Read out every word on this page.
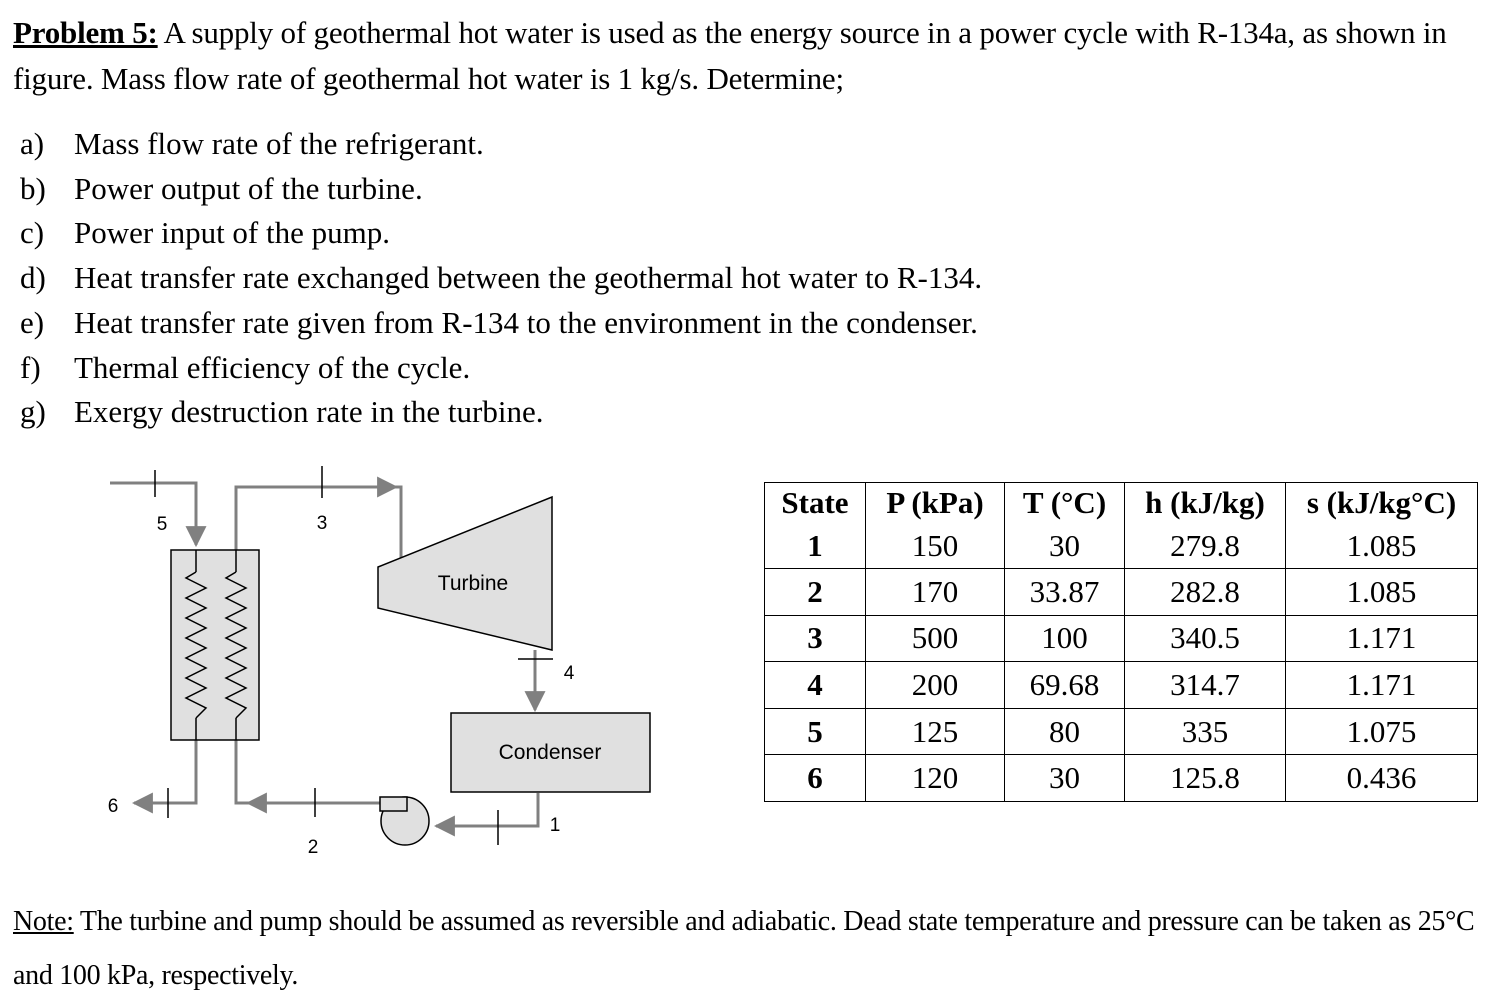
Problem 5: A supply of geothermal hot water is used as the energy source in a power cycle with R-134a, as shown in figure. Mass flow rate of geothermal hot water is 1 kg/s. Determine;
a) Mass flow rate of the refrigerant.
b) Power output of the turbine.
c) Power input of the pump.
d) Heat transfer rate exchanged between the geothermal hot water to R-134.
e) Heat transfer rate given from R-134 to the environment in the condenser.
f)	Thermal efficiency of the cycle.
g) Exergy destruction rate in the turbine.
Turbine
Condenser
5	3
4
1
2
6
State	P (kPa)	T (°C)	h (kJ/kg)	s (kJ/kg°C)
1	150	30	279.8	1.085
2	170	33.87	282.8	1.085
3	500	100	340.5	1.171
4	200	69.68	314.7	1.171
5	125	80	335	1.075
6	120	30	125.8	0.436
Note: The turbine and pump should be assumed as reversible and adiabatic. Dead state temperature and pressure can be taken as 25°C and 100 kPa, respectively.
